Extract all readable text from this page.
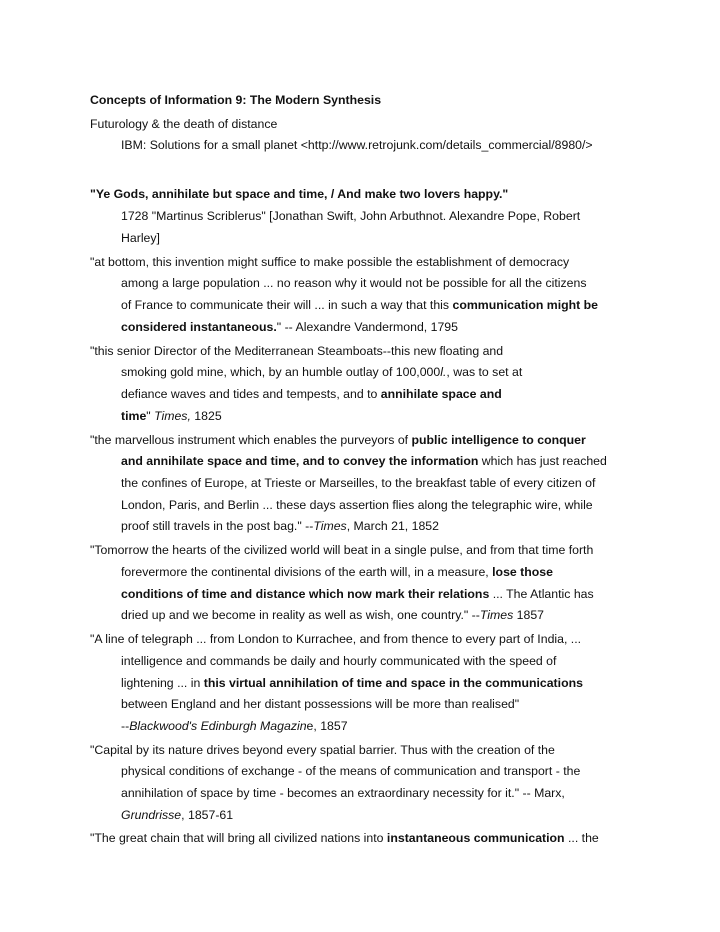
Concepts of Information 9: The Modern Synthesis
Futurology & the death of distance
IBM: Solutions for a small planet <http://www.retrojunk.com/details_commercial/8980/>
"Ye Gods, annihilate but space and time, / And make two lovers happy."
1728 "Martinus Scriblerus" [Jonathan Swift, John Arbuthnot. Alexandre Pope, Robert
Harley]
"at bottom, this invention might suffice to make possible the establishment of democracy
among a large population ... no reason why it would not be possible for all the citizens
of France to communicate their will ... in such a way that this communication might be
considered instantaneous." -- Alexandre Vandermond, 1795
"this senior Director of the Mediterranean Steamboats--this new floating and
smoking gold mine, which, by an humble outlay of 100,000l., was to set at
defiance waves and tides and tempests, and to annihilate space and
time" Times, 1825
"the marvellous instrument which enables the purveyors of public intelligence to conquer
and annihilate space and time, and to convey the information which has just reached
the confines of Europe, at Trieste or Marseilles, to the breakfast table of every citizen of
London, Paris, and Berlin ... these days assertion flies along the telegraphic wire, while
proof still travels in the post bag." --Times, March 21, 1852
"Tomorrow the hearts of the civilized world will beat in a single pulse, and from that time forth
forevermore the continental divisions of the earth will, in a measure, lose those
conditions of time and distance which now mark their relations ... The Atlantic has
dried up and we become in reality as well as wish, one country." --Times 1857
"A line of telegraph ... from London to Kurrachee, and from thence to every part of India, ...
intelligence and commands be daily and hourly communicated with the speed of
lightening ... in this virtual annihilation of time and space in the communications
between England and her distant possessions will be more than realised"
--Blackwood's Edinburgh Magazine, 1857
"Capital by its nature drives beyond every spatial barrier. Thus with the creation of the
physical conditions of exchange - of the means of communication and transport - the
annihilation of space by time - becomes an extraordinary necessity for it." -- Marx,
Grundrisse, 1857-61
"The great chain that will bring all civilized nations into instantaneous communication ... the
